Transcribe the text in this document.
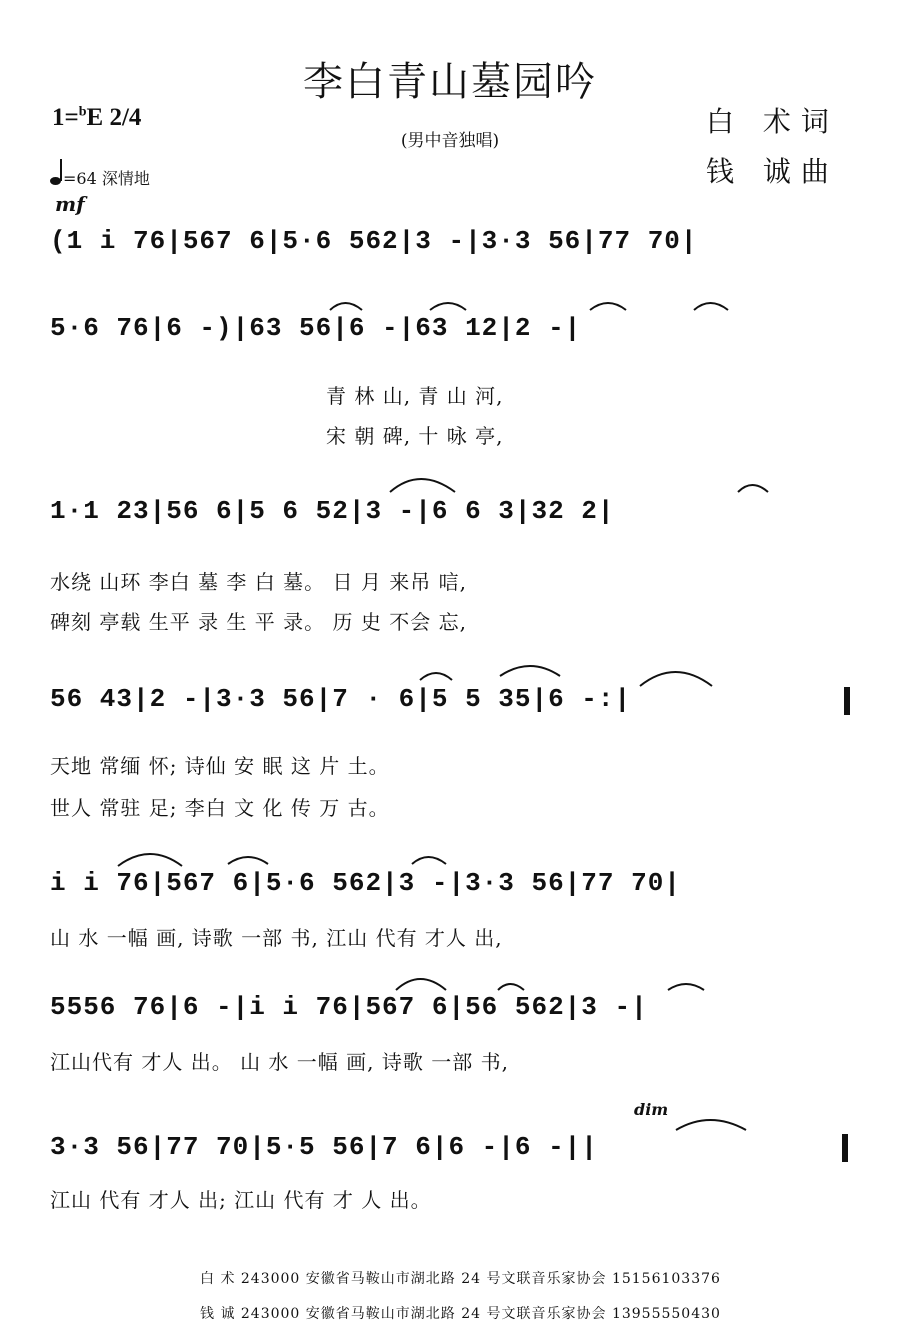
李白青山墓园吟
(男中音独唱)
1=$^b$E 2/4
=64 深情地
mf
白 术词
钱 诚曲
(1 i 76|567 6|5·6 562|3 -|3·3 56|77 70|
5·6 76|6 -)|63 56|6 -|63 12|2 -|
青 林 山, 青 山 河,
宋 朝 碑, 十 咏 亭,
1·1 23|56 6|5 6 52|3 -|6 6 3|32 2|
水绕 山环 李白 墓 李 白 墓。 日 月 来吊 唁,
碑刻 亭载 生平 录 生 平 录。 历 史 不会 忘,
56 43|2 -|3·3 56|7 · 6|5 5 35|6 -:|
天地 常缅 怀; 诗仙 安 眠 这 片 土。
世人 常驻 足; 李白 文 化 传 万 古。
i i 76|567 6|5·6 562|3 -|3·3 56|77 70|
山 水 一幅 画, 诗歌 一部 书, 江山 代有 才人 出,
5556 76|6 -|i i 76|567 6|56 562|3 -|
江山代有 才人 出。 山 水 一幅 画, 诗歌 一部 书,
dim
3·3 56|77 70|5·5 56|7 6|6 -|6 -||
江山 代有 才人 出; 江山 代有 才 人 出。
白 术 243000 安徽省马鞍山市湖北路 24 号文联音乐家协会 15156103376
钱 诚 243000 安徽省马鞍山市湖北路 24 号文联音乐家协会 13955550430
